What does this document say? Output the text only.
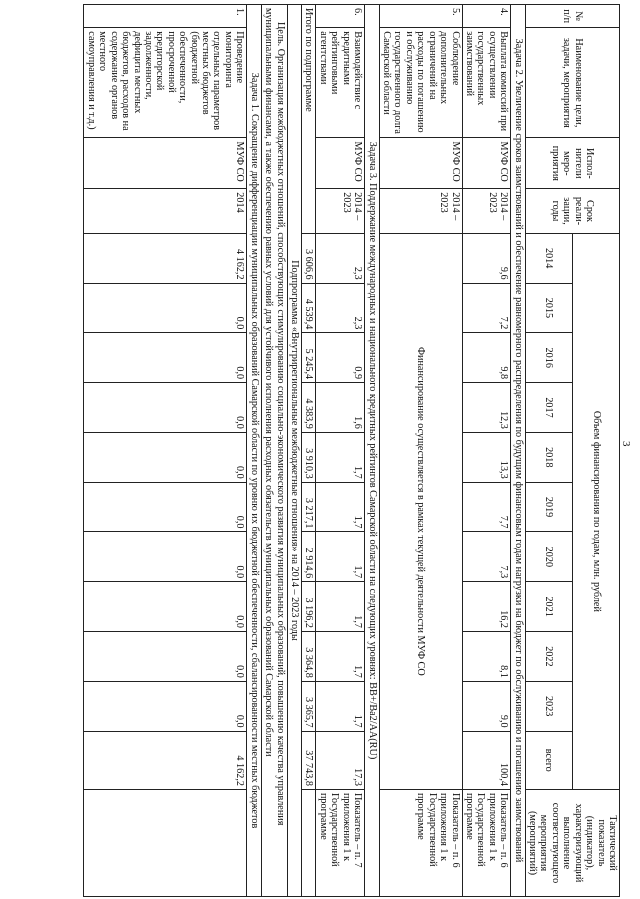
3
№ п/п	Наименование цели, задачи, мероприятия	Испол-нители меро-приятия	Срок реали-зации, годы	Объем финансирования по годам, млн. рублей											Тактический показатель (индикатор), характеризующий выполнение соответствующего мероприятия (мероприятий)
				2014	2015	2016	2017	2018	2019	2020	2021	2022	2023	всего	
Задача 2. Увеличение сроков заимствований и обеспечение равномерного распределения по будущим финансовым годам нагрузки на бюджет по обслуживанию и погашению заимствований															
4.	Выплата комиссий при осуществлении государственных заимствований	МУФ СО	2014 – 2023	9,6	7,2	9,8	12,3	13,3	7,7	7,3	16,2	8,1	9,0	100,4	Показатель – п. 6 приложения 1 к Государственной программе
5.	Соблюдение дополнительных ограничений на расходы по погашению и обслуживанию государственного долга Самарской области	МУФ СО	2014 – 2023	Финансирование осуществляется в рамках текущей деятельности МУФ СО											Показатель – п. 6 приложения 1 к Государственной программе
Задача 3. Поддержание международных и национального кредитных рейтингов Самарской области на следующих уровнях: BB+/Ba2/AA(RU)															
6.	Взаимодействие с кредитными рейтинговыми агентствами	МУФ СО	2014 – 2023	2,3	2,3	0,9	1,6	1,7	1,7	1,7	1,7	1,7	1,7	17,3	Показатель – п. 7 приложения 1 к Государственной программе
Итого по подпрограмме				3 606,6	4 539,4	5 245,4	4 383,9	3 910,3	3 217,1	2 914,6	3 196,2	3 364,8	3 365,7	37 743,8	
Подпрограмма «Внутрирегиональные межбюджетные отношения» на 2014 – 2023 годы															
Цель. Организация межбюджетных отношений, способствующих стимулированию социально-экономического развития муниципальных образований, повышению качества управления муниципальными финансами, а также обеспечению равных условий для устойчивого исполнения расходных обязательств муниципальных образований Самарской области															
Задача 1. Сокращение дифференциации муниципальных образований Самарской области по уровню их бюджетной обеспеченности, сбалансированности местных бюджетов															
1.	Проведение мониторинга отдельных параметров местных бюджетов (бюджетной обеспеченности, просроченной кредиторской задолженности, дефицита местных бюджетов, расходов на содержание органов местного самоуправления и т.д.)	МУФ СО	2014	4 162,2	0,0	0,0	0,0	0,0	0,0	0,0	0,0	0,0	0,0	4 162,2	
